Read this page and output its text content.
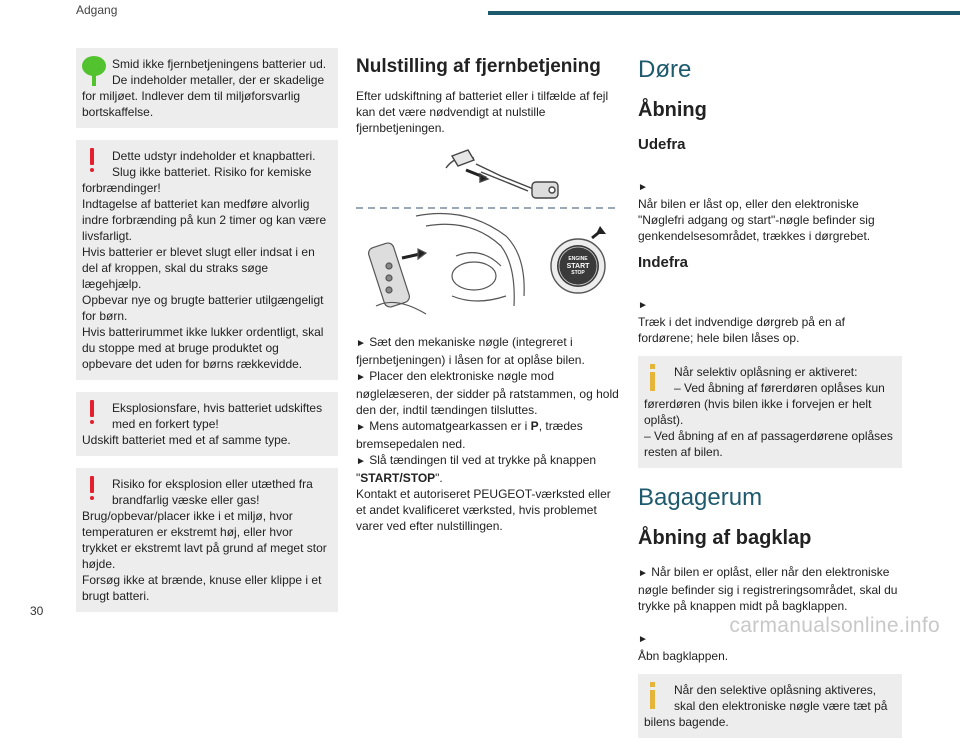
Adgang

Smid ikke fjernbetjeningens batterier ud. De indeholder metaller, der er skadelige for miljøet. Indlever dem til miljøforsvarlig bortskaffelse.

Dette udstyr indeholder et knapbatteri. Slug ikke batteriet. Risiko for kemiske forbrændinger!
Indtagelse af batteriet kan medføre alvorlig indre forbrænding på kun 2 timer og kan være livsfarligt.
Hvis batterier er blevet slugt eller indsat i en del af kroppen, skal du straks søge lægehjælp.
Opbevar nye og brugte batterier utilgængeligt for børn.
Hvis batterirummet ikke lukker ordentligt, skal du stoppe med at bruge produktet og opbevare det uden for børns rækkevidde.

Eksplosionsfare, hvis batteriet udskiftes med en forkert type!
Udskift batteriet med et af samme type.

Risiko for eksplosion eller utæthed fra brandfarlig væske eller gas!
Brug/opbevar/placer ikke i et miljø, hvor temperaturen er ekstremt høj, eller hvor trykket er ekstremt lavt på grund af meget stor højde.
Forsøg ikke at brænde, knuse eller klippe i et brugt batteri.

Nulstilling af fjernbetjening

Efter udskiftning af batteriet eller i tilfælde af fejl kan det være nødvendigt at nulstille fjernbetjeningen.

ENGINE
START
STOP

► Sæt den mekaniske nøgle (integreret i fjernbetjeningen) i låsen for at oplåse bilen.

► Placer den elektroniske nøgle mod nøglelæseren, der sidder på ratstammen, og hold den der, indtil tændingen tilsluttes.

► Mens automatgearkassen er i P, trædes bremsepedalen ned.

► Slå tændingen til ved at trykke på knappen "START/STOP".

Kontakt et autoriseret PEUGEOT-værksted eller et andet kvalificeret værksted, hvis problemet varer ved efter nulstillingen.

Døre
Åbning
Udefra

►
Når bilen er låst op, eller den elektroniske "Nøglefri adgang og start"-nøgle befinder sig genkendelsesområdet, trækkes i dørgrebet.

Indefra

►
Træk i det indvendige dørgreb på en af fordørene; hele bilen låses op.

Når selektiv oplåsning er aktiveret:
– Ved åbning af førerdøren oplåses kun førerdøren (hvis bilen ikke i forvejen er helt oplåst).
– Ved åbning af en af passagerdørene oplåses resten af bilen.

Bagagerum
Åbning af bagklap

► Når bilen er oplåst, eller når den elektroniske nøgle befinder sig i registreringsområdet, skal du trykke på knappen midt på bagklappen.

►
Åbn bagklappen.

Når den selektive oplåsning aktiveres, skal den elektroniske nøgle være tæt på bilens bagende.

30
carmanualsonline.info
